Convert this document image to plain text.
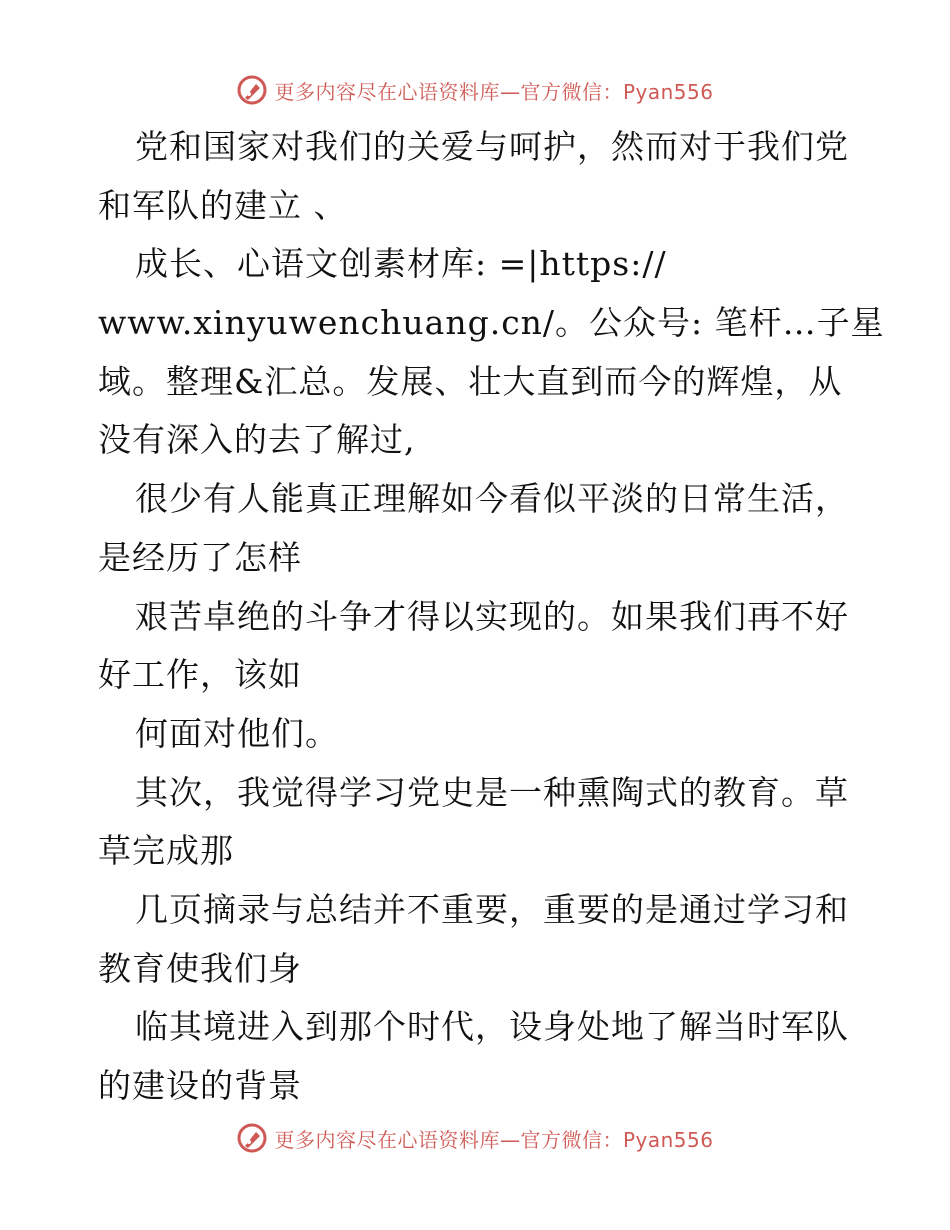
更多内容尽在心语资料库—官方微信：Pyan556
党和国家对我们的关爱与呵护，然而对于我们党
和军队的建立 、
成长、心语文创素材库: =|https://
www.xinyuwenchuang.cn/。公众号: 笔杆…子星
域。整理&汇总。发展、壮大直到而今的辉煌，从
没有深入的去了解过,
很少有人能真正理解如今看似平淡的日常生活，
是经历了怎样
艰苦卓绝的斗争才得以实现的。如果我们再不好
好工作，该如
何面对他们。
其次，我觉得学习党史是一种熏陶式的教育。草
草完成那
几页摘录与总结并不重要，重要的是通过学习和
教育使我们身
临其境进入到那个时代，设身处地了解当时军队
的建设的背景
更多内容尽在心语资料库—官方微信：Pyan556
